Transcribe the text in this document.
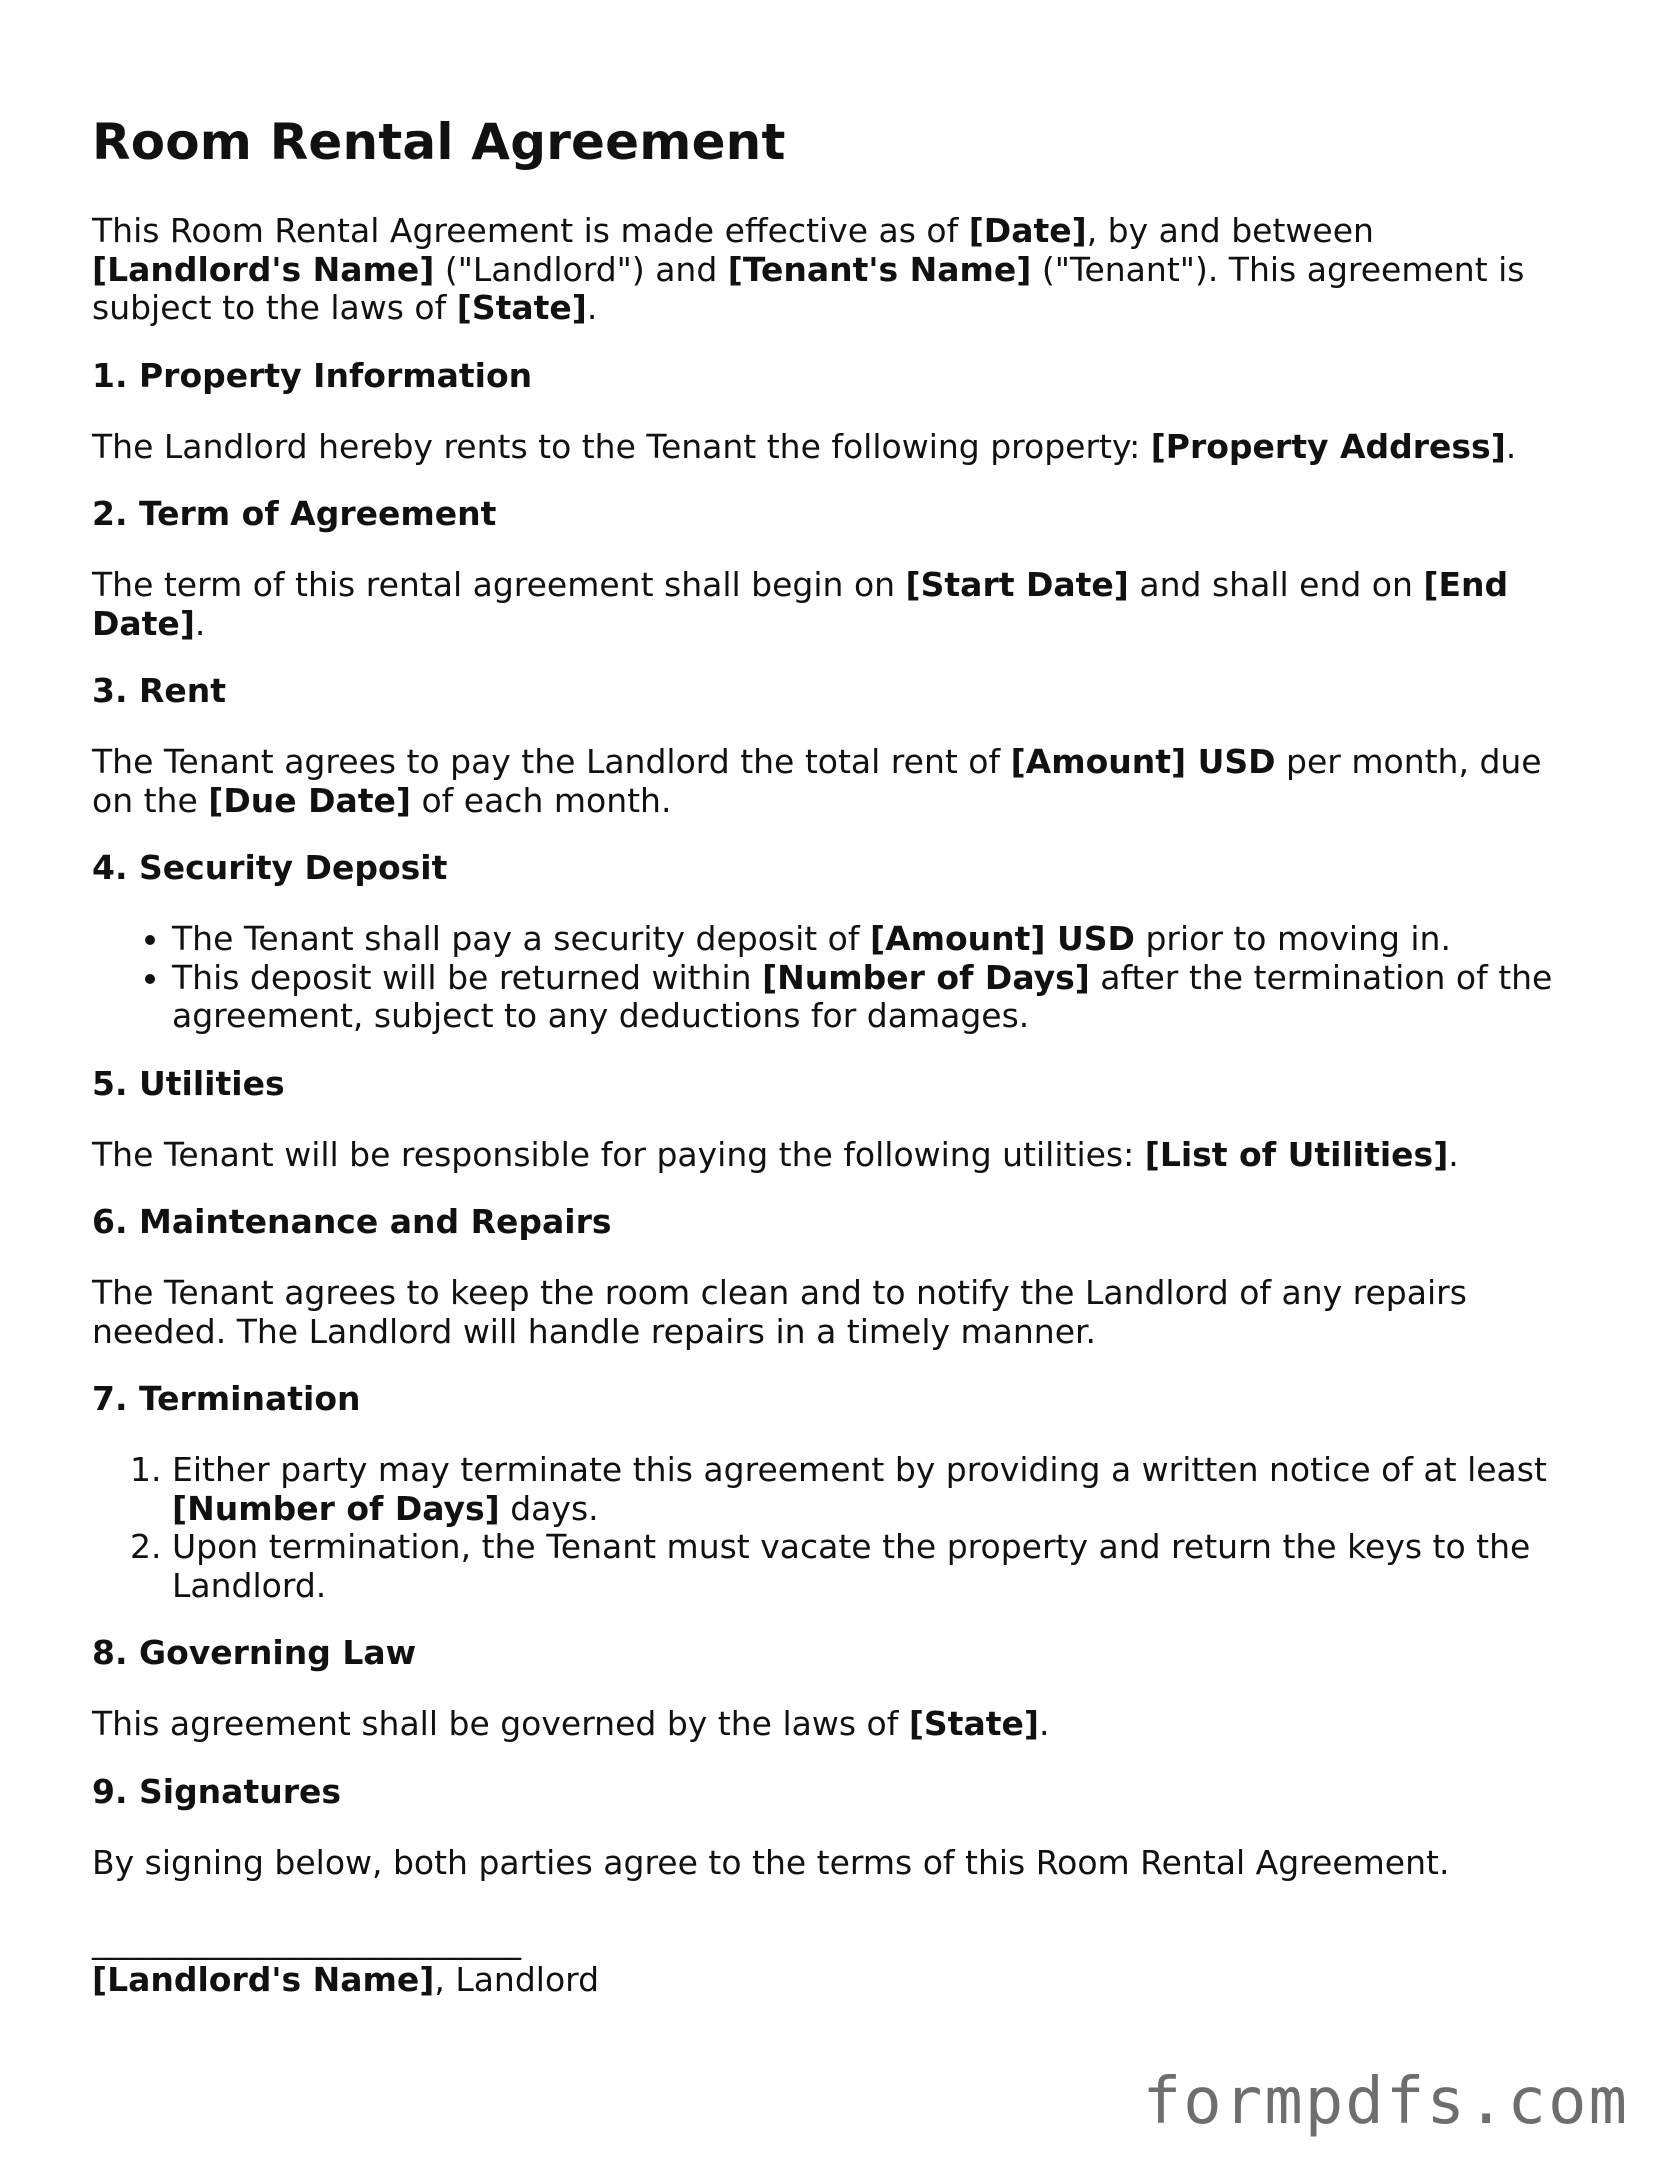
Room Rental Agreement

This Room Rental Agreement is made effective as of [Date], by and between [Landlord's Name] ("Landlord") and [Tenant's Name] ("Tenant"). This agreement is subject to the laws of [State].

1. Property Information

The Landlord hereby rents to the Tenant the following property: [Property Address].

2. Term of Agreement

The term of this rental agreement shall begin on [Start Date] and shall end on [End Date].

3. Rent

The Tenant agrees to pay the Landlord the total rent of [Amount] USD per month, due on the [Due Date] of each month.

4. Security Deposit
• The Tenant shall pay a security deposit of [Amount] USD prior to moving in.
• This deposit will be returned within [Number of Days] after the termination of the agreement, subject to any deductions for damages.
5. Utilities

The Tenant will be responsible for paying the following utilities: [List of Utilities].

6. Maintenance and Repairs

The Tenant agrees to keep the room clean and to notify the Landlord of any repairs needed. The Landlord will handle repairs in a timely manner.

7. Termination
1. Either party may terminate this agreement by providing a written notice of at least [Number of Days] days.
2. Upon termination, the Tenant must vacate the property and return the keys to the Landlord.
8. Governing Law

This agreement shall be governed by the laws of [State].

9. Signatures

By signing below, both parties agree to the terms of this Room Rental Agreement.

__________________________
[Landlord's Name], Landlord
formpdfs.com
